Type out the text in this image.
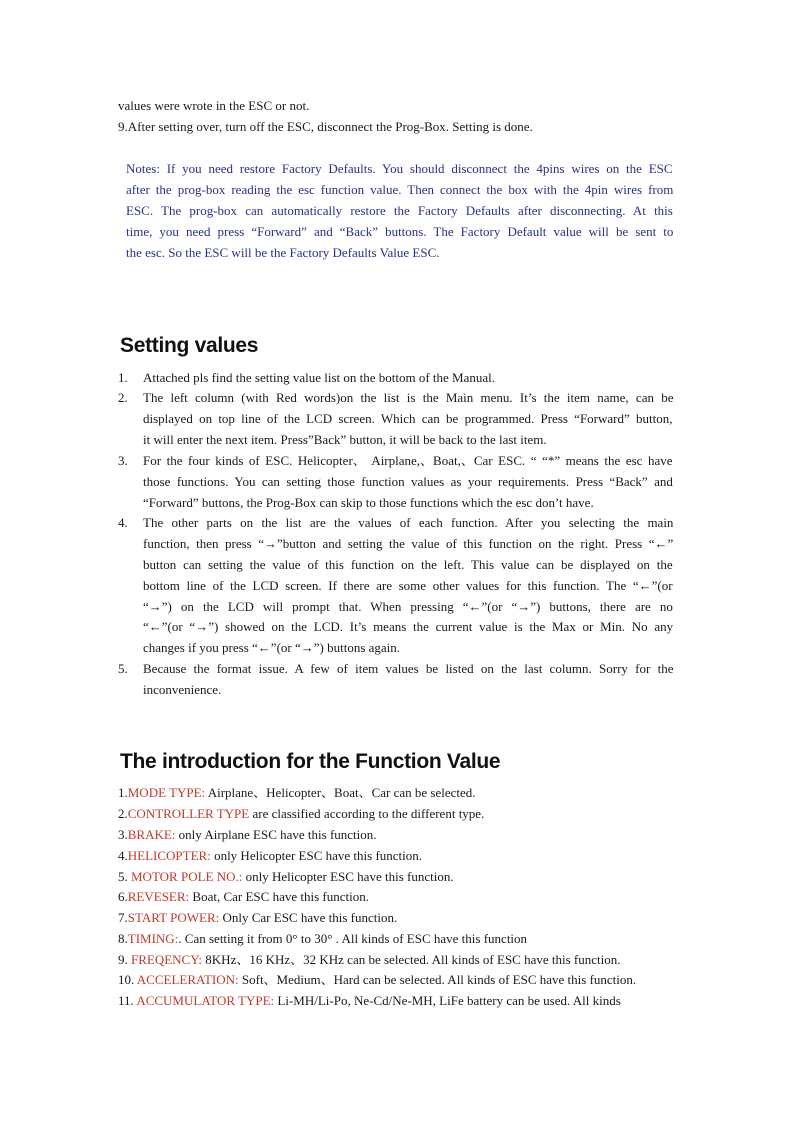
values were wrote in the ESC or not.
9.After setting over, turn off the ESC, disconnect the Prog-Box. Setting is done.
Notes: If you need restore Factory Defaults. You should disconnect the 4pins wires on the ESC
after the prog-box reading the esc function value. Then connect the box with the 4pin wires from
ESC. The prog-box can automatically restore the Factory Defaults after disconnecting. At this
time, you need press “Forward” and “Back” buttons. The Factory Default value will be sent to
the esc. So the ESC will be the Factory Defaults Value ESC.
Setting values
1. Attached pls find the setting value list on the bottom of the Manual.
2. The left column (with Red words)on the list is the Main menu. It’s the item name, can be
displayed on top line of the LCD screen. Which can be programmed. Press “Forward” button,
it will enter the next item. Press”Back” button, it will be back to the last item.
3. For the four kinds of ESC. Helicopter、 Airplane,、Boat,、Car ESC. “ “*” means the esc have
those functions. You can setting those function values as your requirements. Press “Back” and
“Forward” buttons, the Prog-Box can skip to those functions which the esc don’t have.
4. The other parts on the list are the values of each function. After you selecting the main
function, then press “→”button and setting the value of this function on the right. Press “←”
button can setting the value of this function on the left. This value can be displayed on the
bottom line of the LCD screen. If there are some other values for this function. The “←”(or
“→”) on the LCD will prompt that. When pressing “←”(or “→”) buttons, there are no
“←”(or “→”) showed on the LCD. It’s means the current value is the Max or Min. No any
changes if you press “←”(or “→”) buttons again.
5. Because the format issue. A few of item values be listed on the last column. Sorry for the
inconvenience.
The introduction for the Function Value
1.MODE TYPE: Airplane、Helicopter、Boat、Car can be selected.
2.CONTROLLER TYPE are classified according to the different type.
3.BRAKE: only Airplane ESC have this function.
4.HELICOPTER: only Helicopter ESC have this function.
5. MOTOR POLE NO.: only Helicopter ESC have this function.
6.REVESER: Boat, Car ESC have this function.
7.START POWER: Only Car ESC have this function.
8.TIMING:. Can setting it from 0° to 30° . All kinds of ESC have this function
9. FREQENCY: 8KHz、16 KHz、32 KHz can be selected. All kinds of ESC have this function.
10. ACCELERATION: Soft、Medium、Hard can be selected. All kinds of ESC have this function.
11. ACCUMULATOR TYPE: Li-MH/Li-Po, Ne-Cd/Ne-MH, LiFe battery can be used. All kinds
